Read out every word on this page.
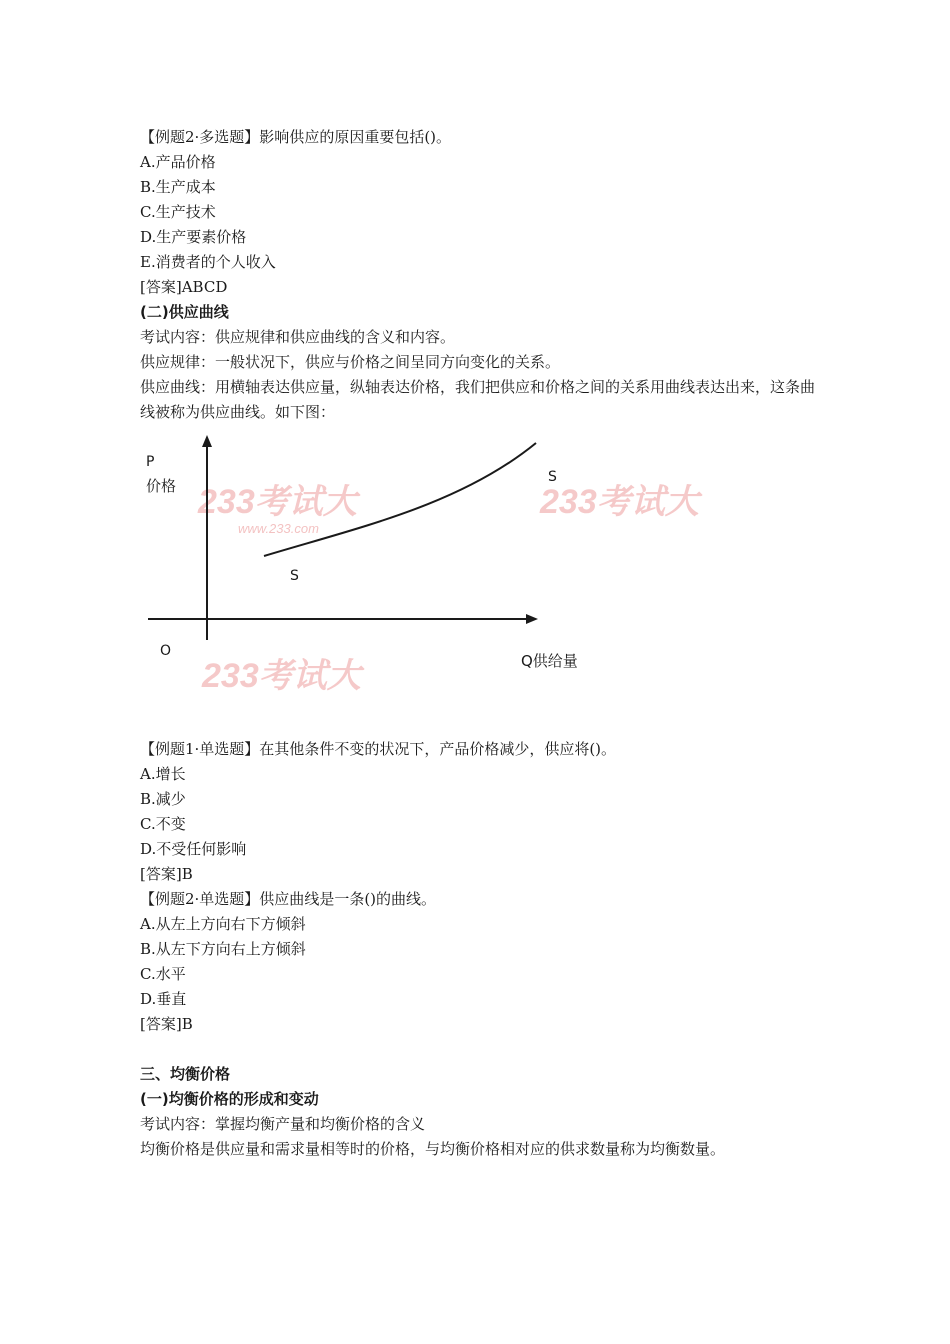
【例题2·多选题】影响供应的原因重要包括()。
A.产品价格
B.生产成本
C.生产技术
D.生产要素价格
E.消费者的个人收入
[答案]ABCD
(二)供应曲线
考试内容：供应规律和供应曲线的含义和内容。
供应规律：一般状况下，供应与价格之间呈同方向变化的关系。
供应曲线：用横轴表达供应量，纵轴表达价格，我们把供应和价格之间的关系用曲线表达出来，这条曲线被称为供应曲线。如下图：
233考试大
www.233.com
233考试大
233考试大
P
价格
O
S
S
Q供给量
【例题1·单选题】在其他条件不变的状况下，产品价格减少，供应将()。
A.增长
B.减少
C.不变
D.不受任何影响
[答案]B
【例题2·单选题】供应曲线是一条()的曲线。
A.从左上方向右下方倾斜
B.从左下方向右上方倾斜
C.水平
D.垂直
[答案]B
三、均衡价格
(一)均衡价格的形成和变动
考试内容：掌握均衡产量和均衡价格的含义
均衡价格是供应量和需求量相等时的价格，与均衡价格相对应的供求数量称为均衡数量。
